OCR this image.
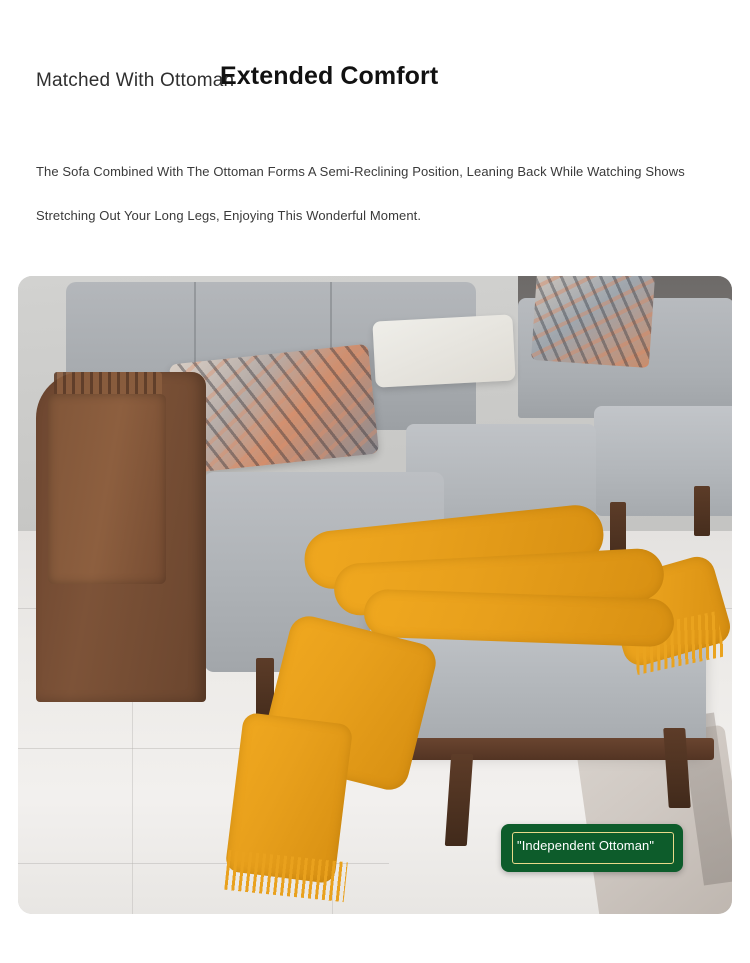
Matched With Ottoman
Extended Comfort
The Sofa Combined With The Ottoman Forms A Semi-Reclining Position, Leaning Back While Watching Shows
Stretching Out Your Long Legs, Enjoying This Wonderful Moment.
"Independent Ottoman"
